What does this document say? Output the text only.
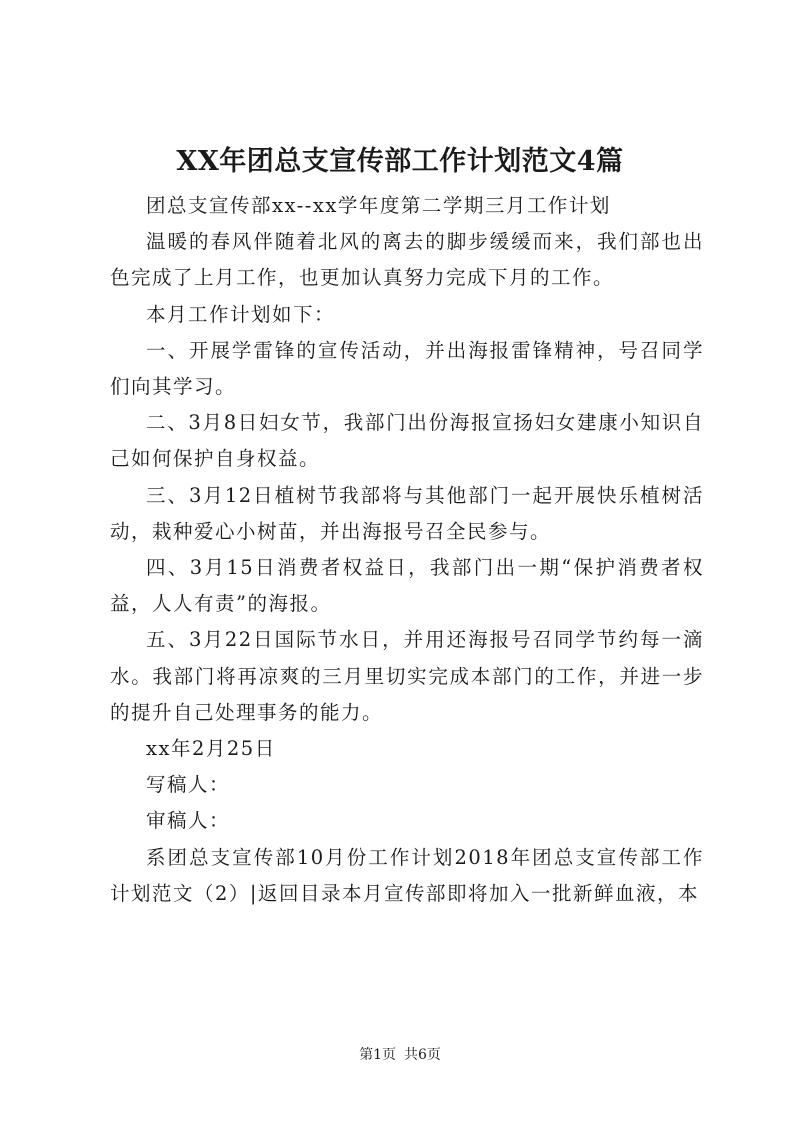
XX年团总支宣传部工作计划范文4篇

团总支宣传部xx--xx学年度第二学期三月工作计划

温暖的春风伴随着北风的离去的脚步缓缓而来，我们部也出色完成了上月工作，也更加认真努力完成下月的工作。

本月工作计划如下：

一、开展学雷锋的宣传活动，并出海报雷锋精神，号召同学们向其学习。

二、3月8日妇女节，我部门出份海报宣扬妇女建康小知识自己如何保护自身权益。

三、3月12日植树节我部将与其他部门一起开展快乐植树活动，栽种爱心小树苗，并出海报号召全民参与。

四、3月15日消费者权益日，我部门出一期“保护消费者权益，人人有责”的海报。

五、3月22日国际节水日，并用还海报号召同学节约每一滴水。我部门将再凉爽的三月里切实完成本部门的工作，并进一步的提升自己处理事务的能力。

xx年2月25日

写稿人：

审稿人：

系团总支宣传部10月份工作计划2018年团总支宣传部工作计划范文（2）|返回目录本月宣传部即将加入一批新鲜血液，本

第1页 共6页
